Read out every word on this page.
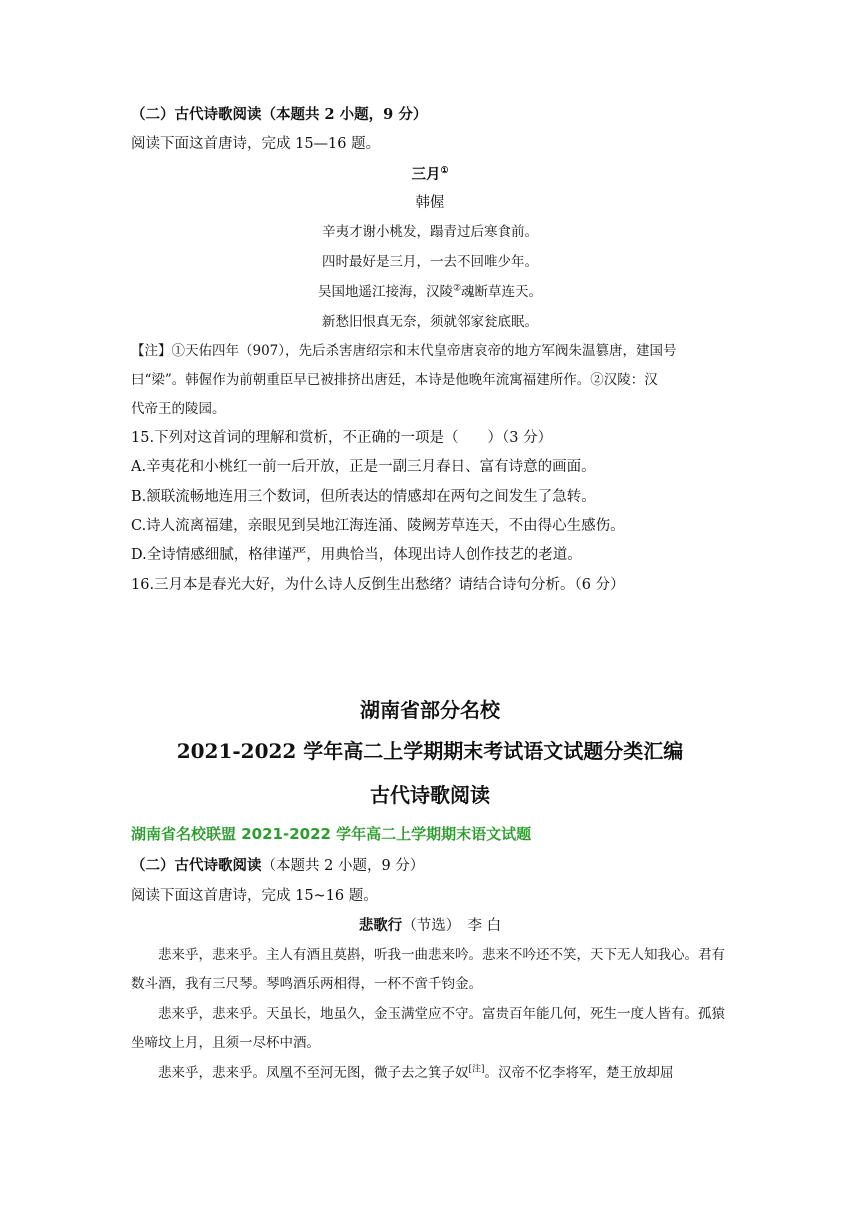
（二）古代诗歌阅读（本题共 2 小题，9 分）
阅读下面这首唐诗，完成 15—16 题。
三月①
韩偓
辛夷才谢小桃发，蹋青过后寒食前。
四时最好是三月，一去不回唯少年。
吴国地遥江接海，汉陵②魂断草连天。
新愁旧恨真无奈，须就邻家瓮底眠。
【注】①天佑四年（907），先后杀害唐绍宗和末代皇帝唐哀帝的地方军阀朱温篡唐，建国号
曰“梁”。韩偓作为前朝重臣早已被排挤出唐廷，本诗是他晚年流寓福建所作。②汉陵：汉
代帝王的陵园。
15.下列对这首词的理解和赏析，不正确的一项是（　　）（3 分）
A.辛夷花和小桃红一前一后开放，正是一副三月春日、富有诗意的画面。
B.颔联流畅地连用三个数词，但所表达的情感却在两句之间发生了急转。
C.诗人流离福建，亲眼见到吴地江海连涌、陵阙芳草连天，不由得心生感伤。
D.全诗情感细腻，格律谨严，用典恰当，体现出诗人创作技艺的老道。
16.三月本是春光大好，为什么诗人反倒生出愁绪？请结合诗句分析。（6 分）
湖南省部分名校
2021-2022 学年高二上学期期末考试语文试题分类汇编
古代诗歌阅读
湖南省名校联盟 2021-2022 学年高二上学期期末语文试题
（二）古代诗歌阅读（本题共 2 小题，9 分）
阅读下面这首唐诗，完成 15~16 题。
悲歌行（节选）　李 白
悲来乎，悲来乎。主人有酒且莫斟，听我一曲悲来吟。悲来不吟还不笑，天下无人知我心。君有数斗酒，我有三尺琴。琴鸣酒乐两相得，一杯不啻千钧金。
悲来乎，悲来乎。天虽长，地虽久，金玉满堂应不守。富贵百年能几何，死生一度人皆有。孤猿坐啼坟上月，且须一尽杯中酒。
悲来乎，悲来乎。凤凰不至河无图，微子去之箕子奴[注]。汉帝不忆李将军，楚王放却屈
